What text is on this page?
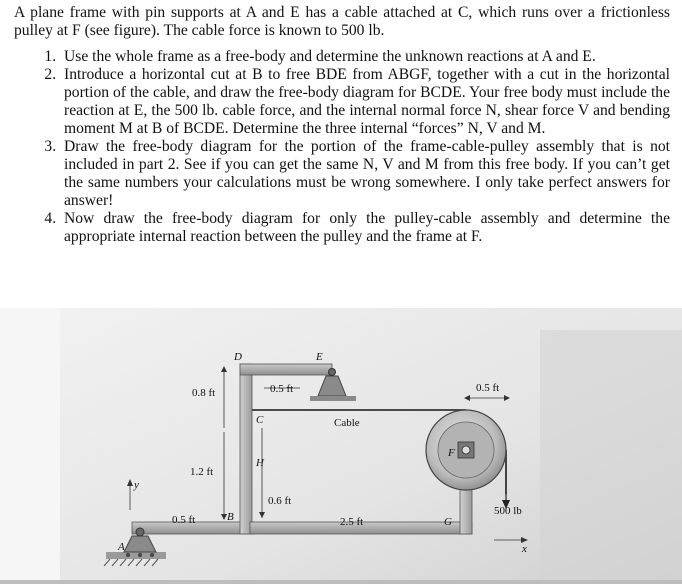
A plane frame with pin supports at A and E has a cable attached at C, which runs over a frictionless pulley at F (see figure). The cable force is known to 500 lb.

1. Use the whole frame as a free-body and determine the unknown reactions at A and E.
2. Introduce a horizontal cut at B to free BDE from ABGF, together with a cut in the horizontal portion of the cable, and draw the free-body diagram for BCDE. Your free body must include the reaction at E, the 500 lb. cable force, and the internal normal force N, shear force V and bending moment M at B of BCDE. Determine the three internal “forces” N, V and M.
3. Draw the free-body diagram for the portion of the frame-cable-pulley assembly that is not included in part 2. See if you can get the same N, V and M from this free body. If you can’t get the same numbers your calculations must be wrong somewhere. I only take perfect answers for answer!
4. Now draw the free-body diagram for only the pulley-cable assembly and determine the appropriate internal reaction between the pulley and the frame at F.
500 lb
A
B
C
D	E
F
G
H
0.8 ft
1.2 ft
0.5 ft
0.5 ft
0.6 ft
2.5 ft
0.5 ft
Cable
y
x
